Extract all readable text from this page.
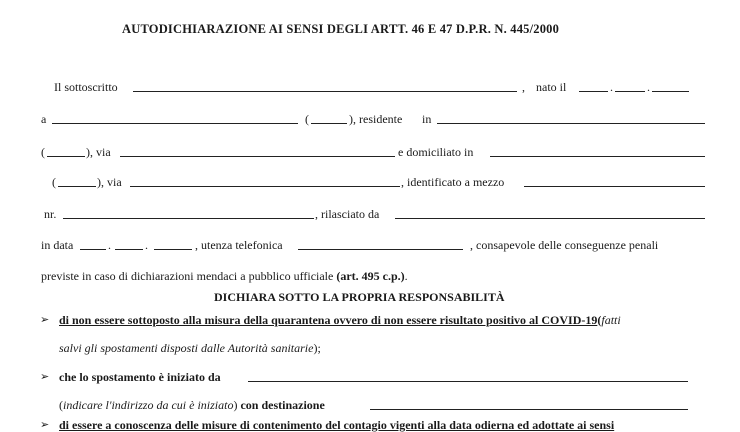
AUTODICHIARAZIONE AI SENSI DEGLI ARTT. 46 E 47 D.P.R. N. 445/2000
Il sottoscritto	, nato il	.	.
a	(	), residente in
(	), via	e domiciliato in
(	), via	, identificato a mezzo
nr.	, rilasciato da
in data	.	.	, utenza telefonica	, consapevole delle conseguenze penali
previste in caso di dichiarazioni mendaci a pubblico ufficiale (art. 495 c.p.).
DICHIARA SOTTO LA PROPRIA RESPONSABILITÀ
➢ di non essere sottoposto alla misura della quarantena ovvero di non essere risultato positivo al COVID-19(fatti
salvi gli spostamenti disposti dalle Autorità sanitarie);
➢ che lo spostamento è iniziato da
(indicare l'indirizzo da cui è iniziato) con destinazione
➢ di essere a conoscenza delle misure di contenimento del contagio vigenti alla data odierna ed adottate ai sensi
